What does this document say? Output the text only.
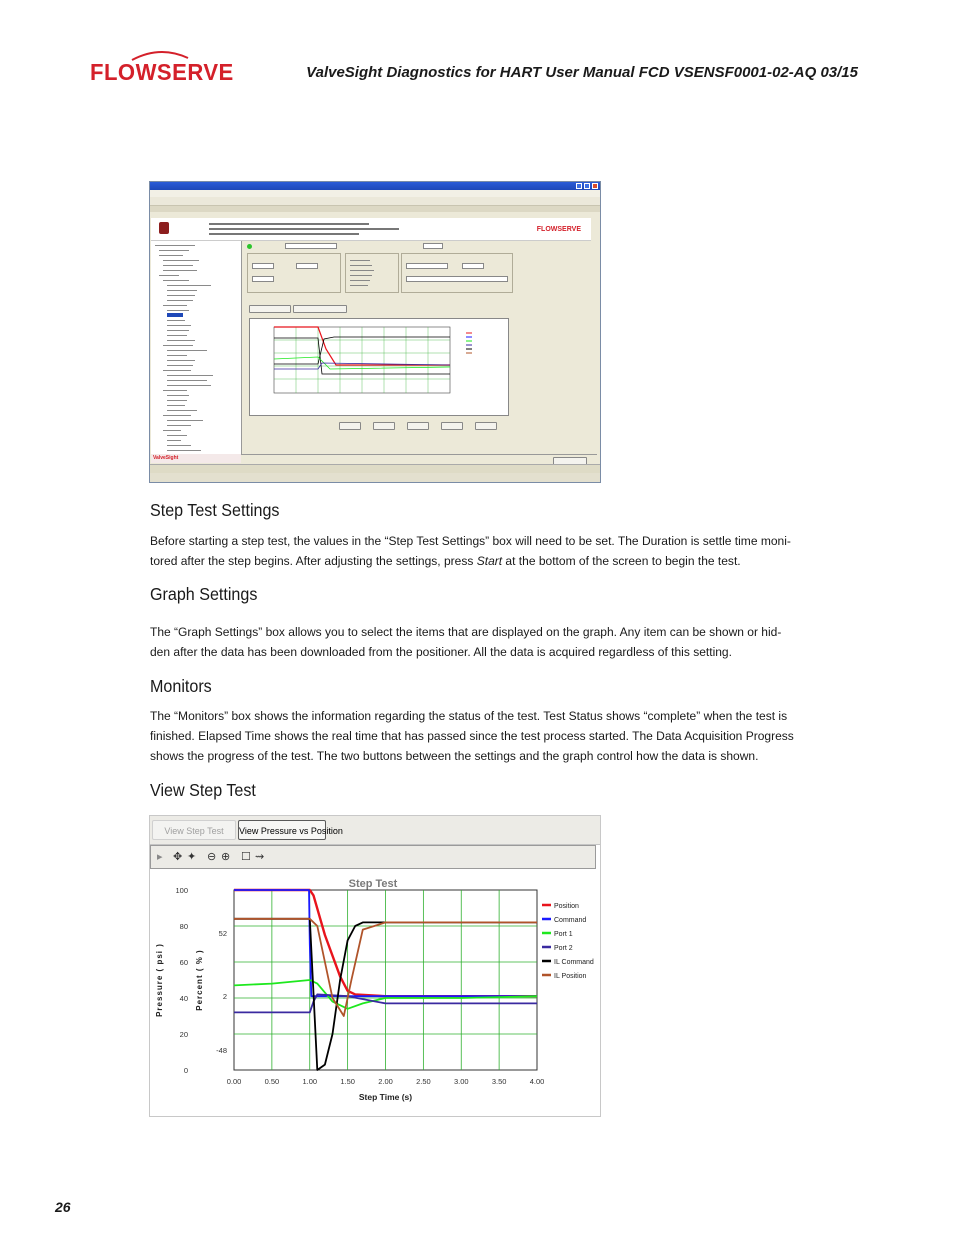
FLOWSERVE	ValveSight Diagnostics for HART User Manual FCD VSENSF0001-02-AQ 03/15
FLOWSERVE
ValveSight
Step Test Settings
Before starting a step test, the values in the “Step Test Settings” box will need to be set. The Duration is settle time moni-
tored after the step begins. After adjusting the settings, press Start at the bottom of the screen to begin the test.
Graph Settings
The “Graph Settings” box allows you to select the items that are displayed on the graph. Any item can be shown or hid-
den after the data has been downloaded from the positioner. All the data is acquired regardless of this setting.
Monitors
The “Monitors” box shows the information regarding the status of the test. Test Status shows “complete” when the test is
finished. Elapsed Time shows the real time that has passed since the test process started. The Data Acquisition Progress
shows the progress of the test. The two buttons between the settings and the graph control how the data is shown.
View Step Test
View Step Test	View Pressure vs Position
▸ ✥ ✦ ⊖ ⊕ ☐ ⇝
0.00	0.50	1.00	1.50	2.00	2.50	3.00	3.50	4.00
100
80
60
40
20
0
52
2
-48
Pressure ( psi )	Percent ( % )
Step Time (s)
Step Test
Position
Command
Port 1
Port 2
IL Command
IL Position
26
